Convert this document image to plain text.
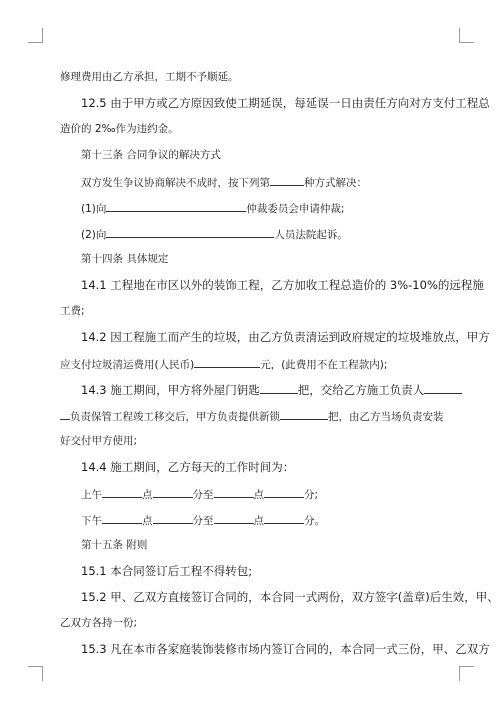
修理费用由乙方承担，工期不予顺延。
12.5 由于甲方或乙方原因致使工期延误，每延误一日由责任方向对方支付工程总
造价的 2‰作为违约金。
第十三条 合同争议的解决方式
双方发生争议协商解决不成时，按下列第	种方式解决：
(1)向	仲裁委员会申请仲裁;
(2)向	人员法院起诉。
第十四条 具体规定
14.1 工程地在市区以外的装饰工程，乙方加收工程总造价的 3%-10%的远程施
工费;
14.2 因工程施工而产生的垃圾，由乙方负责清运到政府规定的垃圾堆放点，甲方
应支付垃圾清运费用(人民币)	元，(此费用不在工程款内);
14.3 施工期间，甲方将外屋门钥匙	把，交给乙方施工负责人
负责保管工程竣工移交后，甲方负责提供新锁	把，由乙方当场负责安装
好交付甲方使用;
14.4 施工期间，乙方每天的工作时间为：
上午	点	分至	点	分;
下午	点	分至	点	分。
第十五条 附则
15.1 本合同签订后工程不得转包;
15.2 甲、乙双方直接签订合同的，本合同一式两份，双方签字(盖章)后生效，甲、
乙双方各持一份;
15.3 凡在本市各家庭装饰装修市场内签订合同的，本合同一式三份，甲、乙双方
